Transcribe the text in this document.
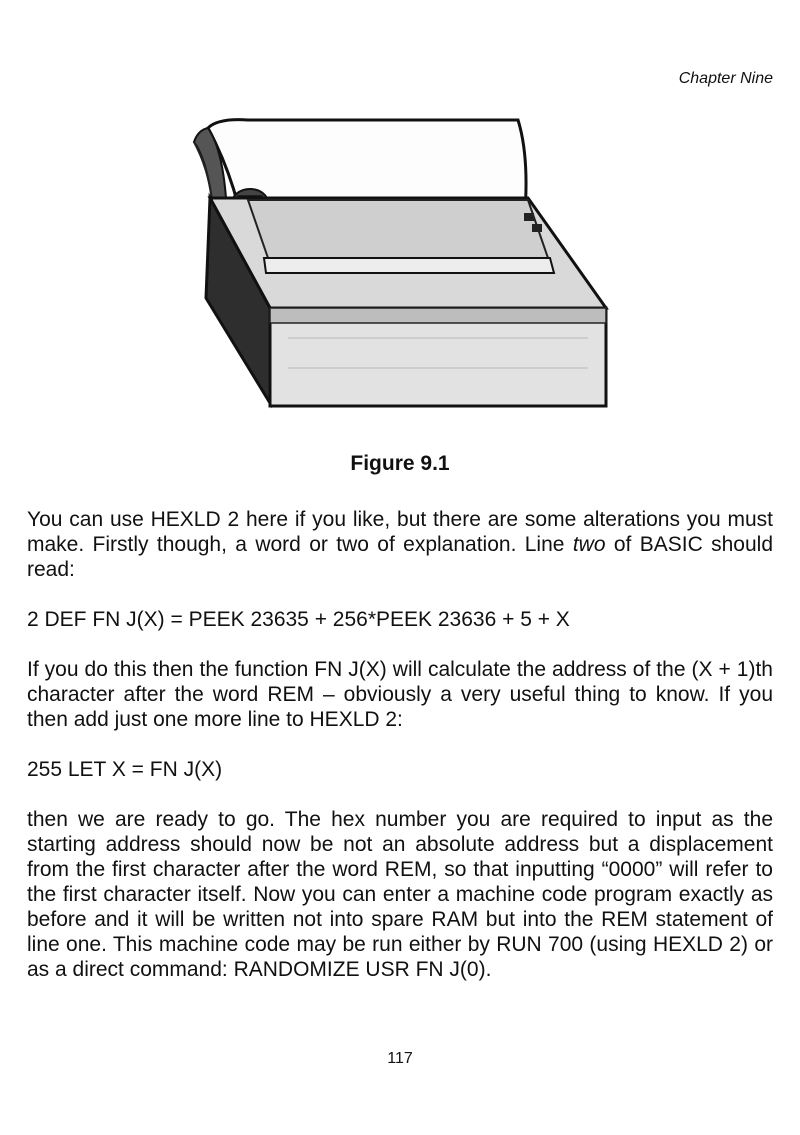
Chapter Nine
Figure 9.1

You can use HEXLD 2 here if you like, but there are some alterations you must make. Firstly though, a word or two of explanation. Line two of BASIC should read:

2 DEF FN J(X) = PEEK 23635 + 256*PEEK 23636 + 5 + X

If you do this then the function FN J(X) will calculate the address of the (X + 1)th character after the word REM – obviously a very useful thing to know. If you then add just one more line to HEXLD 2:

255 LET X = FN J(X)

then we are ready to go. The hex number you are required to input as the starting address should now be not an absolute address but a displacement from the first character after the word REM, so that inputting “0000” will refer to the first character itself. Now you can enter a machine code program exactly as before and it will be written not into spare RAM but into the REM statement of line one. This machine code may be run either by RUN 700 (using HEXLD 2) or as a direct command: RANDOMIZE USR FN J(0).

117
